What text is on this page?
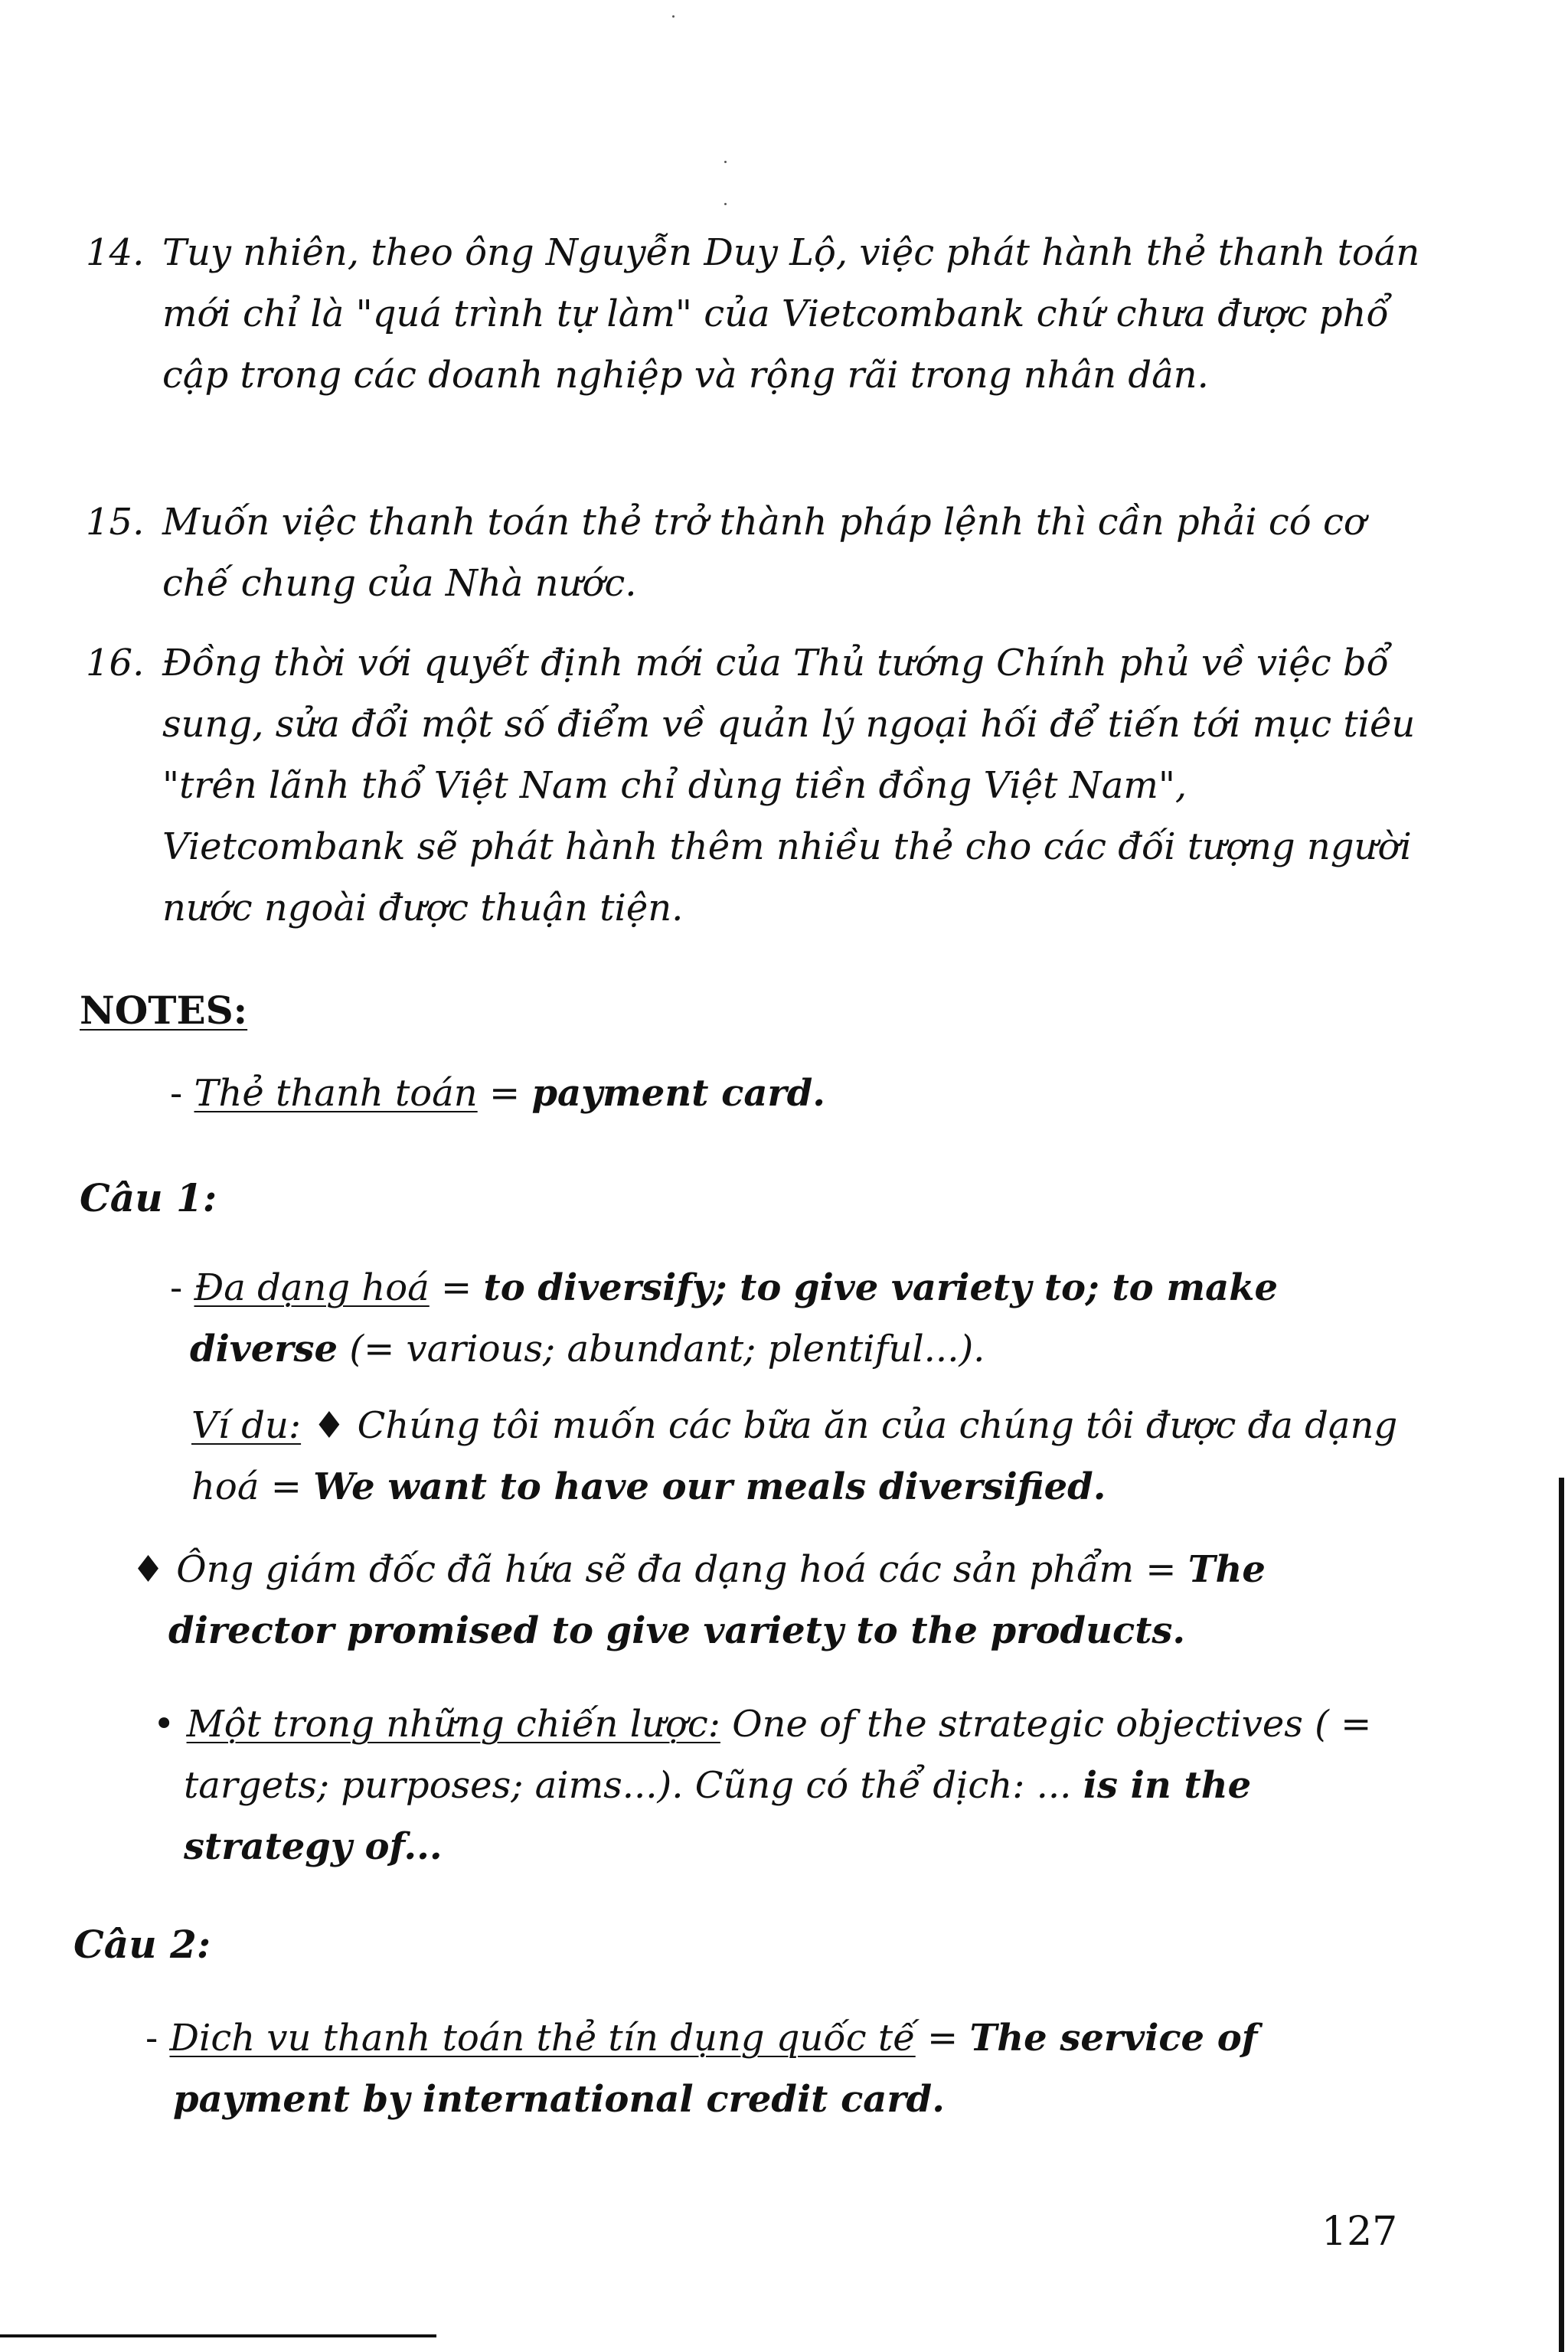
14. Tuy nhiên, theo ông Nguyễn Duy Lộ, việc phát hành thẻ thanh toán mới chỉ là "quá trình tự làm" của Vietcombank chứ chưa được phổ cập trong các doanh nghiệp và rộng rãi trong nhân dân.
15. Muốn việc thanh toán thẻ trở thành pháp lệnh thì cần phải có cơ chế chung của Nhà nước.
16. Đồng thời với quyết định mới của Thủ tướng Chính phủ về việc bổ sung, sửa đổi một số điểm về quản lý ngoại hối để tiến tới mục tiêu "trên lãnh thổ Việt Nam chỉ dùng tiền đồng Việt Nam", Vietcombank sẽ phát hành thêm nhiều thẻ cho các đối tượng người nước ngoài được thuận tiện.
NOTES:
- Thẻ thanh toán = payment card.
Câu 1:
- Đa dạng hoá = to diversify; to give variety to; to make diverse (= various; abundant; plentiful...).
Ví du: ♦ Chúng tôi muốn các bữa ăn của chúng tôi được đa dạng hoá = We want to have our meals diversified.
♦ Ông giám đốc đã hứa sẽ đa dạng hoá các sản phẩm = The director promised to give variety to the products.
• Một trong những chiến lược: One of the strategic objectives ( = targets; purposes; aims...). Cũng có thể dịch: ... is in the strategy of...
Câu 2:
- Dich vu thanh toán thẻ tín dụng quốc tế = The service of payment by international credit card.
127
